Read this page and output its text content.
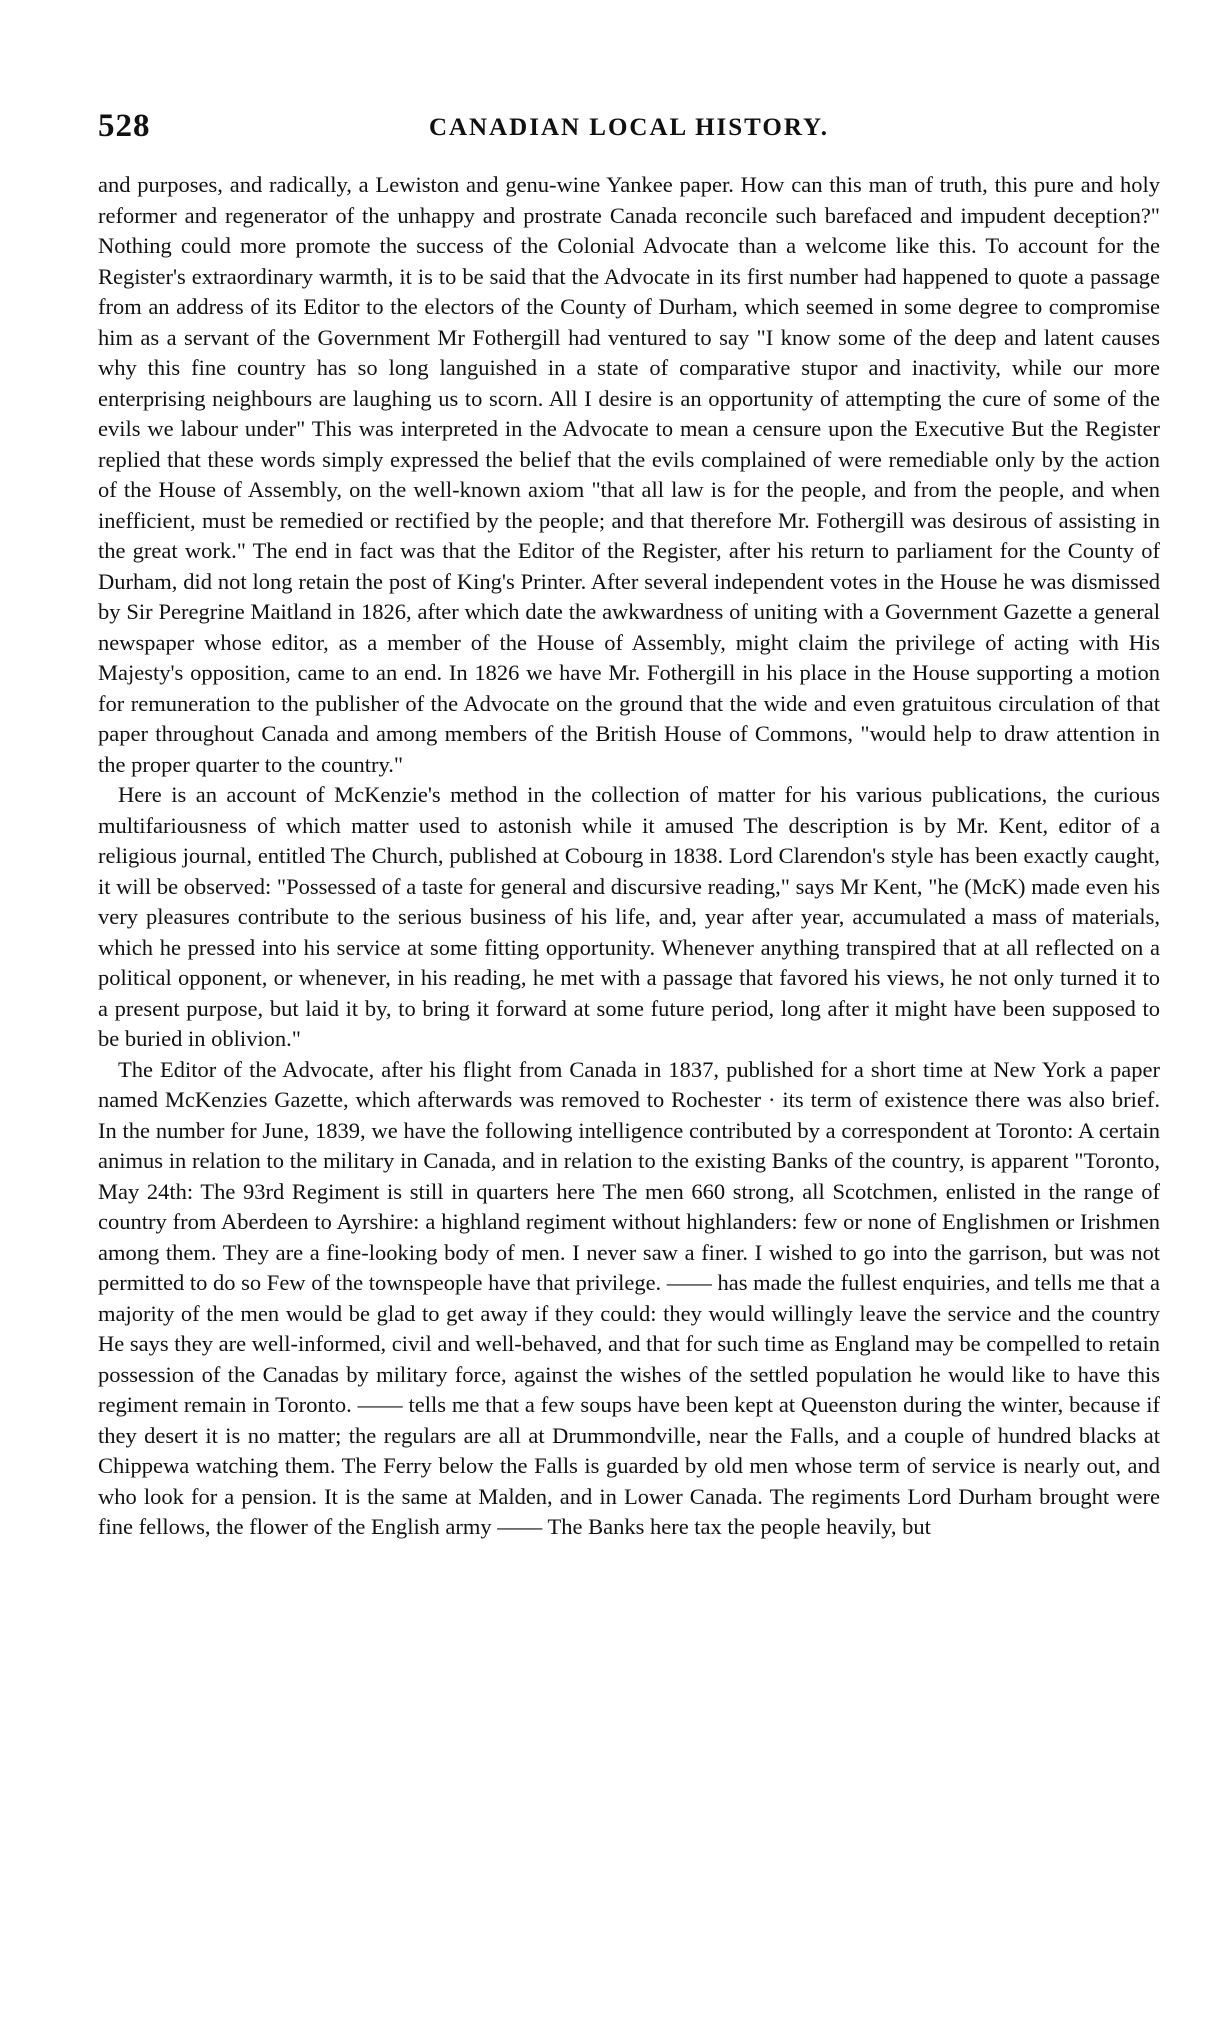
528	CANADIAN LOCAL HISTORY.

and purposes, and radically, a Lewiston and genu-wine Yankee paper. How can this man of truth, this pure and holy reformer and regenerator of the unhappy and prostrate Canada reconcile such barefaced and impudent deception?" Nothing could more promote the success of the Colonial Advocate than a welcome like this. To account for the Register's extraordinary warmth, it is to be said that the Advocate in its first number had happened to quote a passage from an address of its Editor to the electors of the County of Durham, which seemed in some degree to compromise him as a servant of the Government Mr Fothergill had ventured to say "I know some of the deep and latent causes why this fine country has so long languished in a state of comparative stupor and inactivity, while our more enterprising neighbours are laughing us to scorn. All I desire is an opportunity of attempting the cure of some of the evils we labour under" This was interpreted in the Advocate to mean a censure upon the Executive But the Register replied that these words simply expressed the belief that the evils complained of were remediable only by the action of the House of Assembly, on the well-known axiom "that all law is for the people, and from the people, and when inefficient, must be remedied or rectified by the people; and that therefore Mr. Fothergill was desirous of assisting in the great work." The end in fact was that the Editor of the Register, after his return to parliament for the County of Durham, did not long retain the post of King's Printer. After several independent votes in the House he was dismissed by Sir Peregrine Maitland in 1826, after which date the awkwardness of uniting with a Government Gazette a general newspaper whose editor, as a member of the House of Assembly, might claim the privilege of acting with His Majesty's opposition, came to an end. In 1826 we have Mr. Fothergill in his place in the House supporting a motion for remuneration to the publisher of the Advocate on the ground that the wide and even gratuitous circulation of that paper throughout Canada and among members of the British House of Commons, "would help to draw attention in the proper quarter to the country."

Here is an account of McKenzie's method in the collection of matter for his various publications, the curious multifariousness of which matter used to astonish while it amused The description is by Mr. Kent, editor of a religious journal, entitled The Church, published at Cobourg in 1838. Lord Clarendon's style has been exactly caught, it will be observed: "Possessed of a taste for general and discursive reading," says Mr Kent, "he (McK) made even his very pleasures contribute to the serious business of his life, and, year after year, accumulated a mass of materials, which he pressed into his service at some fitting opportunity. Whenever anything transpired that at all reflected on a political opponent, or whenever, in his reading, he met with a passage that favored his views, he not only turned it to a present purpose, but laid it by, to bring it forward at some future period, long after it might have been supposed to be buried in oblivion."

The Editor of the Advocate, after his flight from Canada in 1837, published for a short time at New York a paper named McKenzies Gazette, which afterwards was removed to Rochester · its term of existence there was also brief. In the number for June, 1839, we have the following intelligence contributed by a correspondent at Toronto: A certain animus in relation to the military in Canada, and in relation to the existing Banks of the country, is apparent "Toronto, May 24th: The 93rd Regiment is still in quarters here The men 660 strong, all Scotchmen, enlisted in the range of country from Aberdeen to Ayrshire: a highland regiment without highlanders: few or none of Englishmen or Irishmen among them. They are a fine-looking body of men. I never saw a finer. I wished to go into the garrison, but was not permitted to do so Few of the townspeople have that privilege. —— has made the fullest enquiries, and tells me that a majority of the men would be glad to get away if they could: they would willingly leave the service and the country He says they are well-informed, civil and well-behaved, and that for such time as England may be compelled to retain possession of the Canadas by military force, against the wishes of the settled population he would like to have this regiment remain in Toronto. —— tells me that a few soups have been kept at Queenston during the winter, because if they desert it is no matter; the regulars are all at Drummondville, near the Falls, and a couple of hundred blacks at Chippewa watching them. The Ferry below the Falls is guarded by old men whose term of service is nearly out, and who look for a pension. It is the same at Malden, and in Lower Canada. The regiments Lord Durham brought were fine fellows, the flower of the English army —— The Banks here tax the people heavily, but
